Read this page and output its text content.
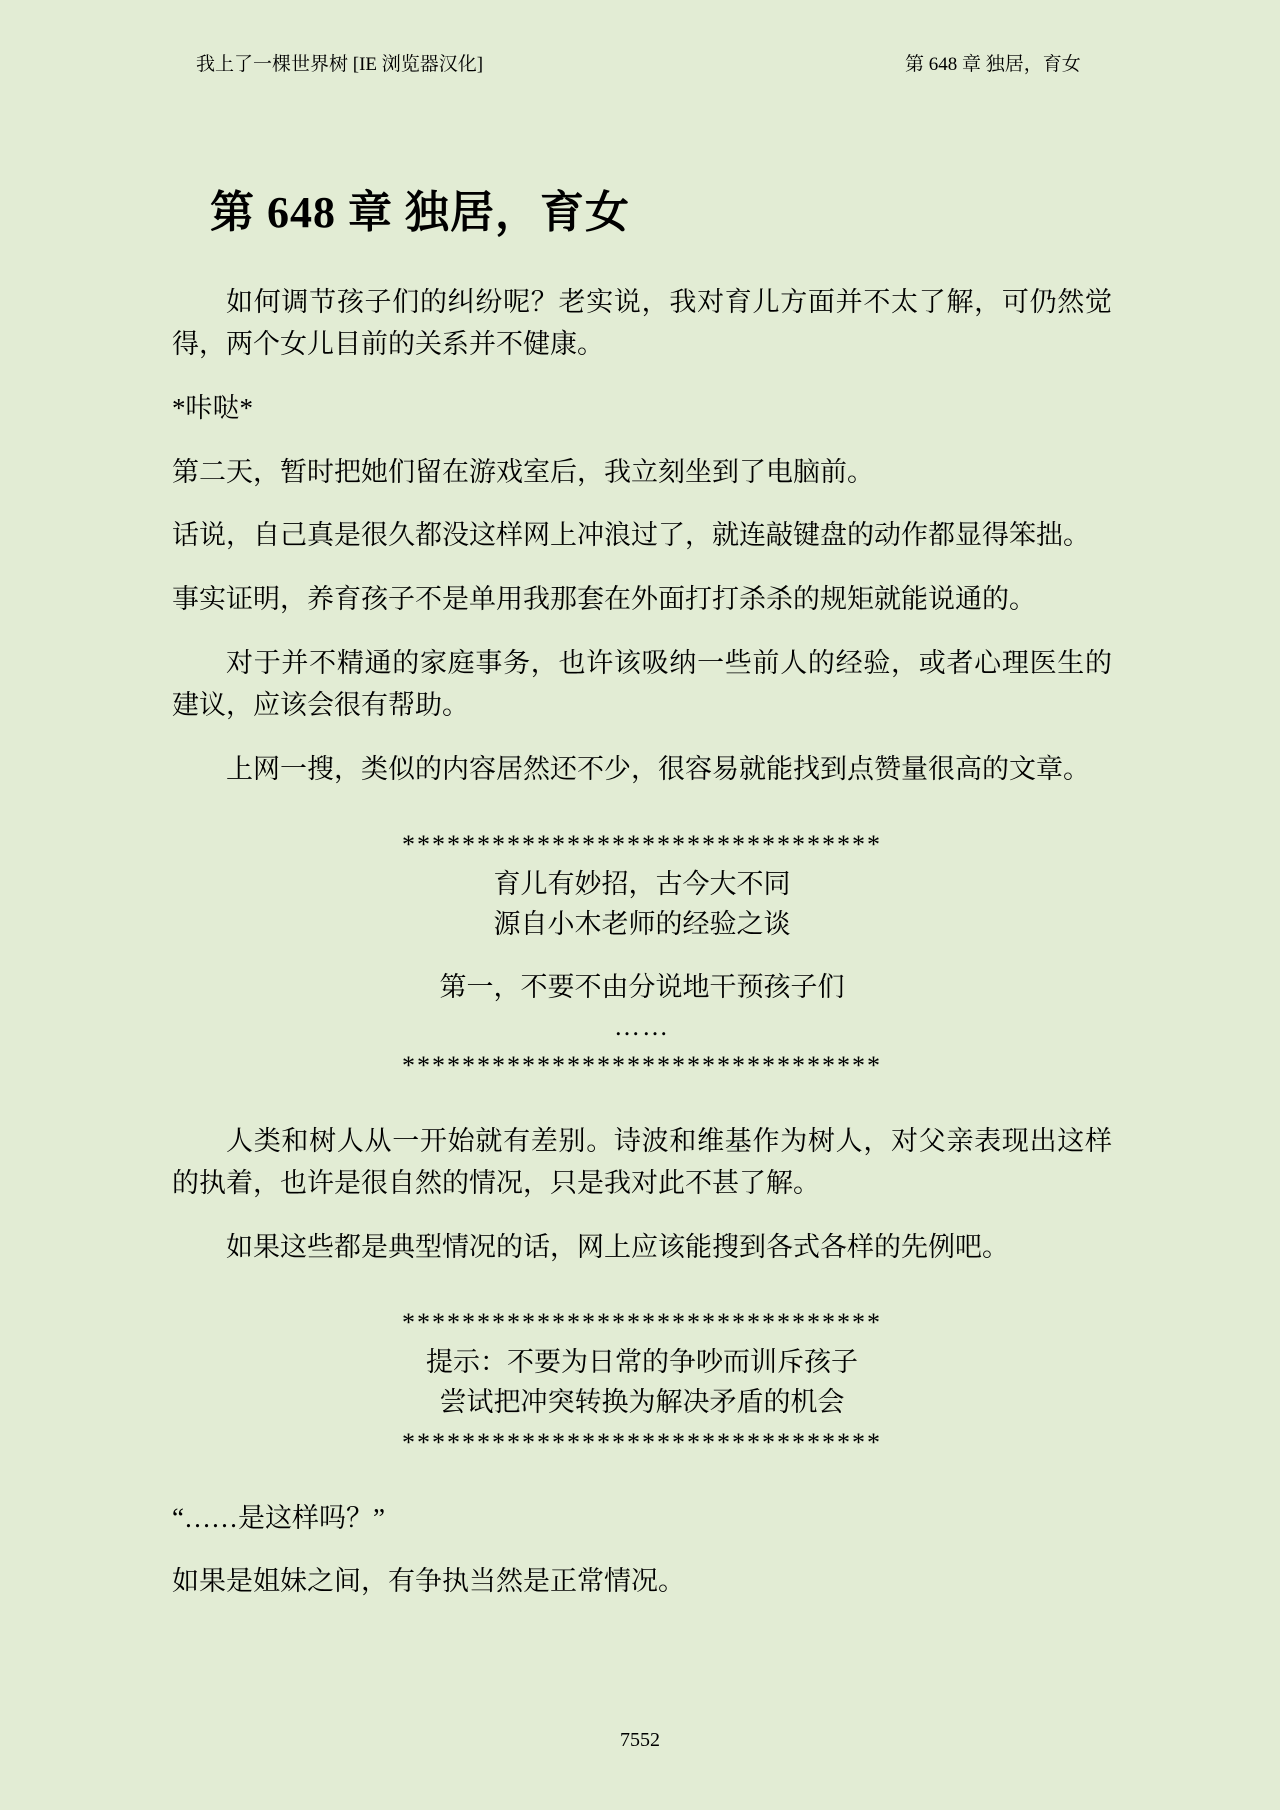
我上了一棵世界树 [IE 浏览器汉化]	第 648 章 独居，育女
第 648 章 独居，育女

如何调节孩子们的纠纷呢？老实说，我对育儿方面并不太了解，可仍然觉得，两个女儿目前的关系并不健康。

*咔哒*

第二天，暂时把她们留在游戏室后，我立刻坐到了电脑前。

话说，自己真是很久都没这样网上冲浪过了，就连敲键盘的动作都显得笨拙。

事实证明，养育孩子不是单用我那套在外面打打杀杀的规矩就能说通的。

对于并不精通的家庭事务，也许该吸纳一些前人的经验，或者心理医生的建议，应该会很有帮助。

上网一搜，类似的内容居然还不少，很容易就能找到点赞量很高的文章。

********************************
育儿有妙招，古今大不同
源自小木老师的经验之谈
第一，不要不由分说地干预孩子们
……
********************************

人类和树人从一开始就有差别。诗波和维基作为树人，对父亲表现出这样的执着，也许是很自然的情况，只是我对此不甚了解。

如果这些都是典型情况的话，网上应该能搜到各式各样的先例吧。

********************************
提示：不要为日常的争吵而训斥孩子
尝试把冲突转换为解决矛盾的机会
********************************

“……是这样吗？”

如果是姐妹之间，有争执当然是正常情况。

7552
